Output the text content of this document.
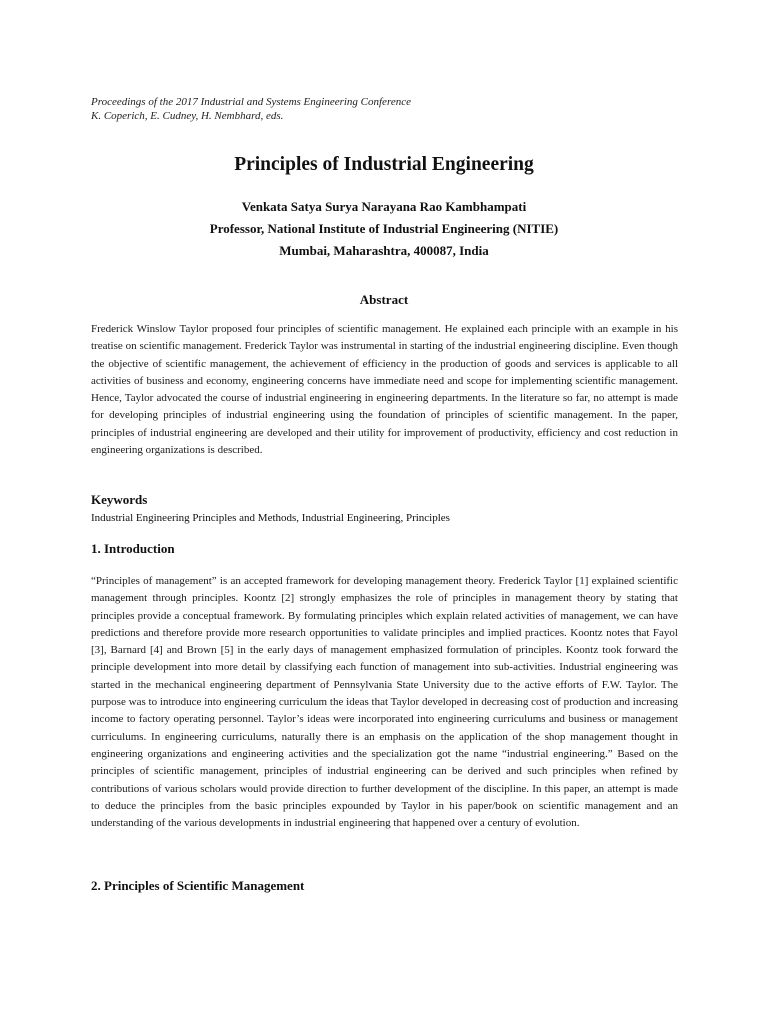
Proceedings of the 2017 Industrial and Systems Engineering Conference
K. Coperich, E. Cudney, H. Nembhard, eds.
Principles of Industrial Engineering
Venkata Satya Surya Narayana Rao Kambhampati
Professor, National Institute of Industrial Engineering (NITIE)
Mumbai, Maharashtra, 400087, India
Abstract
Frederick Winslow Taylor proposed four principles of scientific management. He explained each principle with an example in his treatise on scientific management. Frederick Taylor was instrumental in starting of the industrial engineering discipline. Even though the objective of scientific management, the achievement of efficiency in the production of goods and services is applicable to all activities of business and economy, engineering concerns have immediate need and scope for implementing scientific management. Hence, Taylor advocated the course of industrial engineering in engineering departments. In the literature so far, no attempt is made for developing principles of industrial engineering using the foundation of principles of scientific management. In the paper, principles of industrial engineering are developed and their utility for improvement of productivity, efficiency and cost reduction in engineering organizations is described.
Keywords
Industrial Engineering Principles and Methods, Industrial Engineering, Principles
1. Introduction
“Principles of management” is an accepted framework for developing management theory. Frederick Taylor [1] explained scientific management through principles. Koontz [2] strongly emphasizes the role of principles in management theory by stating that principles provide a conceptual framework. By formulating principles which explain related activities of management, we can have predictions and therefore provide more research opportunities to validate principles and implied practices. Koontz notes that Fayol [3], Barnard [4] and Brown [5] in the early days of management emphasized formulation of principles. Koontz took forward the principle development into more detail by classifying each function of management into sub-activities. Industrial engineering was started in the mechanical engineering department of Pennsylvania State University due to the active efforts of F.W. Taylor. The purpose was to introduce into engineering curriculum the ideas that Taylor developed in decreasing cost of production and increasing income to factory operating personnel. Taylor’s ideas were incorporated into engineering curriculums and business or management curriculums. In engineering curriculums, naturally there is an emphasis on the application of the shop management thought in engineering organizations and engineering activities and the specialization got the name “industrial engineering.” Based on the principles of scientific management, principles of industrial engineering can be derived and such principles when refined by contributions of various scholars would provide direction to further development of the discipline. In this paper, an attempt is made to deduce the principles from the basic principles expounded by Taylor in his paper/book on scientific management and an understanding of the various developments in industrial engineering that happened over a century of evolution.
2. Principles of Scientific Management
